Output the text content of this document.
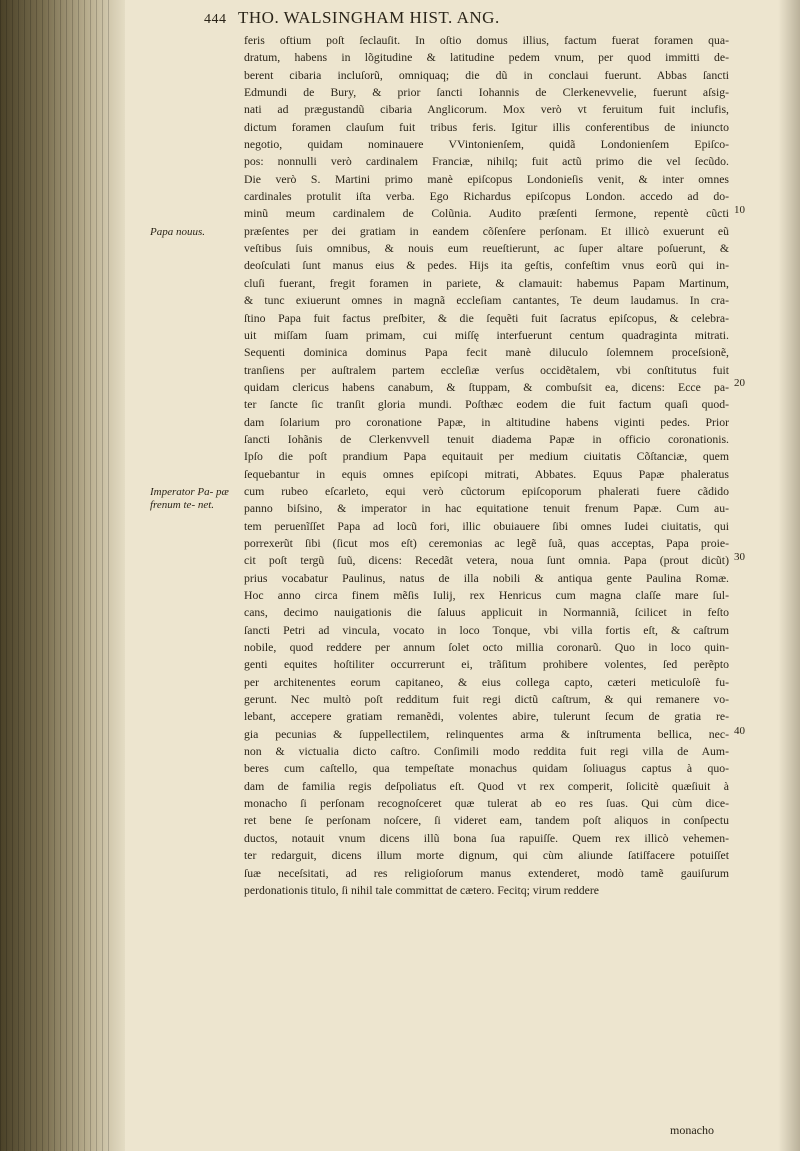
444 THO. WALSINGHAM HIST. ANG.
Papa nouus.
Imperator Pa- pæ frenum te- net.
10
20
30
40
feris oftium poſt ſeclauſit. In oſtio domus illius, factum fuerat foramen qua-
dratum, habens in lõgitudine & latitudine pedem vnum, per quod immitti de-
berent cibaria incluſorũ, omniquaq; die dũ in conclaui fuerunt. Abbas ſancti
Edmundi de Bury, & prior ſancti Iohannis de Clerkenevvelie, fuerunt aſsig-
nati ad prægustandũ cibaria Anglicorum. Mox verò vt feruitum fuit inclufis,
dictum foramen clauſum fuit tribus feris. Igitur illis conferentibus de iniuncto
negotio, quidam nominauere VVintonienſem, quidã Londonienſem Epiſco-
pos: nonnulli verò cardinalem Franciæ, nihilq; fuit actũ primo die vel ſecũdo.
Die verò S. Martini primo manè epiſcopus Londonieſis venit, & inter omnes
cardinales protulit iſta verba. Ego Richardus epiſcopus London. accedo ad do-
minũ meum cardinalem de Colũnia. Audito præſenti ſermone, repentè cũcti
præſentes per dei gratiam in eandem cõſenſere perſonam. Et illicò exuerunt eũ
veſtibus ſuis omnibus, & nouis eum reueſtierunt, ac ſuper altare poſuerunt, &
deoſculati ſunt manus eius & pedes. Hijs ita geſtis, confeſtim vnus eorũ qui in-
cluſi fuerant, fregit foramen in pariete, & clamauit: habemus Papam Martinum,
& tunc exiuerunt omnes in magnã eccleſiam cantantes, Te deum laudamus. In cra-
ſtino Papa fuit factus preſbiter, & die ſequẽti fuit ſacratus epiſcopus, & celebra-
uit miſſam ſuam primam, cui miſſę interfuerunt centum quadraginta mitrati.
Sequenti dominica dominus Papa fecit manè diluculo ſolemnem proceſsionẽ,
tranſiens per auſtralem partem eccleſiæ verſus occidẽtalem, vbi conſtitutus fuit
quidam clericus habens canabum, & ſtuppam, & combuſsit ea, dicens: Ecce pa-
ter ſancte ſic tranſit gloria mundi. Poſthæc eodem die fuit factum quaſi quod-
dam ſolarium pro coronatione Papæ, in altitudine habens viginti pedes. Prior
ſancti Iohãnis de Clerkenvvell tenuit diadema Papæ in officio coronationis.
Ipſo die poſt prandium Papa equitauit per medium ciuitatis Cõſtanciæ, quem
ſequebantur in equis omnes epiſcopi mitrati, Abbates. Equus Papæ phaleratus
cum rubeo eſcarleto, equi verò cũctorum epiſcoporum phalerati fuere cãdido
panno biſsino, & imperator in hac equitatione tenuit frenum Papæ. Cum au-
tem peruenĩſſet Papa ad locũ fori, illic obuiauere ſibi omnes Iudei ciuitatis, qui
porrexerũt ſibi (ſicut mos eſt) ceremonias ac legẽ ſuã, quas acceptas, Papa proie-
cit poſt tergũ ſuũ, dicens: Recedãt vetera, noua ſunt omnia. Papa (prout dicũt)
prius vocabatur Paulinus, natus de illa nobili & antiqua gente Paulina Romæ.
Hoc anno circa finem mẽſis Iulij, rex Henricus cum magna claſſe mare ſul-
cans, decimo nauigationis die ſaluus applicuit in Normanniã, ſcilicet in feſto
ſancti Petri ad vincula, vocato in loco Tonque, vbi villa fortis eſt, & caſtrum
nobile, quod reddere per annum ſolet octo millia coronarũ. Quo in loco quin-
genti equites hoſtiliter occurrerunt ei, trãſitum prohibere volentes, ſed perẽpto
per architenentes eorum capitaneo, & eius collega capto, cæteri meticuloſè fu-
gerunt. Nec multò poſt redditum fuit regi dictũ caſtrum, & qui remanere vo-
lebant, accepere gratiam remanẽdi, volentes abire, tulerunt ſecum de gratia re-
gia pecunias & ſuppellectilem, relinquentes arma & inſtrumenta bellica, nec-
non & victualia dicto caſtro. Conſimili modo reddita fuit regi villa de Aum-
beres cum caſtello, qua tempeſtate monachus quidam ſoliuagus captus à quo-
dam de familia regis deſpoliatus eſt. Quod vt rex comperit, ſolicitè quæſiuit à
monacho ſi perſonam recognoſceret quæ tulerat ab eo res ſuas. Qui cùm dice-
ret bene ſe perſonam noſcere, ſi videret eam, tandem poſt aliquos in conſpectu
ductos, notauit vnum dicens illũ bona ſua rapuiſſe. Quem rex illicò vehemen-
ter redarguit, dicens illum morte dignum, qui cùm aliunde ſatiſfacere potuiſſet
ſuæ neceſsitati, ad res religioſorum manus extenderet, modò tamẽ gauiſurum
perdonationis titulo, ſi nihil tale committat de cætero. Fecitq; virum reddere
monacho
